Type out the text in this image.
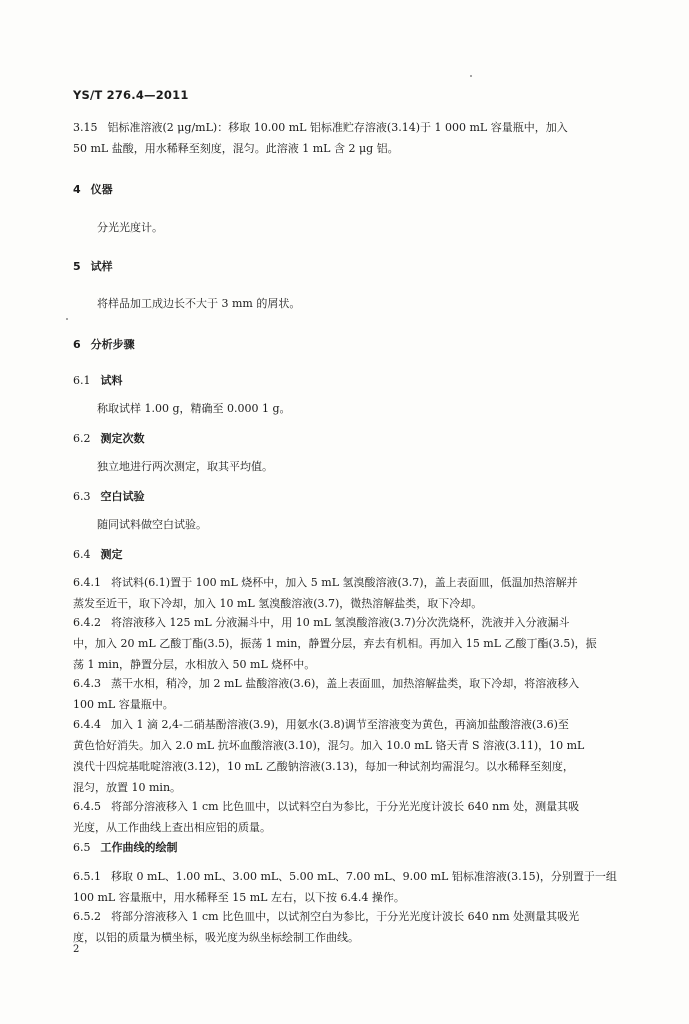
YS/T 276.4—2011

3.15 铝标准溶液(2 μg/mL)：移取 10.00 mL 铝标准贮存溶液(3.14)于 1 000 mL 容量瓶中，加入

50 mL 盐酸，用水稀释至刻度，混匀。此溶液 1 mL 含 2 μg 铝。

4 仪器
分光光度计。
5 试样
将样品加工成边长不大于 3 mm 的屑状。
6 分析步骤
6.1 试料
称取试样 1.00 g，精确至 0.000 1 g。
6.2 测定次数
独立地进行两次测定，取其平均值。
6.3 空白试验
随同试料做空白试验。
6.4 测定

6.4.1 将试料(6.1)置于 100 mL 烧杯中，加入 5 mL 氢溴酸溶液(3.7)，盖上表面皿，低温加热溶解并

蒸发至近干，取下冷却，加入 10 mL 氢溴酸溶液(3.7)，微热溶解盐类，取下冷却。

6.4.2 将溶液移入 125 mL 分液漏斗中，用 10 mL 氢溴酸溶液(3.7)分次洗烧杯，洗液并入分液漏斗

中，加入 20 mL 乙酸丁酯(3.5)，振荡 1 min，静置分层，弃去有机相。再加入 15 mL 乙酸丁酯(3.5)，振

荡 1 min，静置分层，水相放入 50 mL 烧杯中。

6.4.3 蒸干水相，稍冷，加 2 mL 盐酸溶液(3.6)，盖上表面皿，加热溶解盐类，取下冷却，将溶液移入

100 mL 容量瓶中。

6.4.4 加入 1 滴 2,4-二硝基酚溶液(3.9)，用氨水(3.8)调节至溶液变为黄色，再滴加盐酸溶液(3.6)至

黄色恰好消失。加入 2.0 mL 抗坏血酸溶液(3.10)，混匀。加入 10.0 mL 铬天青 S 溶液(3.11)，10 mL

溴代十四烷基吡啶溶液(3.12)，10 mL 乙酸钠溶液(3.13)，每加一种试剂均需混匀。以水稀释至刻度，

混匀，放置 10 min。

6.4.5 将部分溶液移入 1 cm 比色皿中，以试料空白为参比，于分光光度计波长 640 nm 处，测量其吸

光度，从工作曲线上查出相应铝的质量。

6.5 工作曲线的绘制

6.5.1 移取 0 mL、1.00 mL、3.00 mL、5.00 mL、7.00 mL、9.00 mL 铝标准溶液(3.15)，分别置于一组

100 mL 容量瓶中，用水稀释至 15 mL 左右，以下按 6.4.4 操作。

6.5.2 将部分溶液移入 1 cm 比色皿中，以试剂空白为参比，于分光光度计波长 640 nm 处测量其吸光

度，以铝的质量为横坐标，吸光度为纵坐标绘制工作曲线。

2
